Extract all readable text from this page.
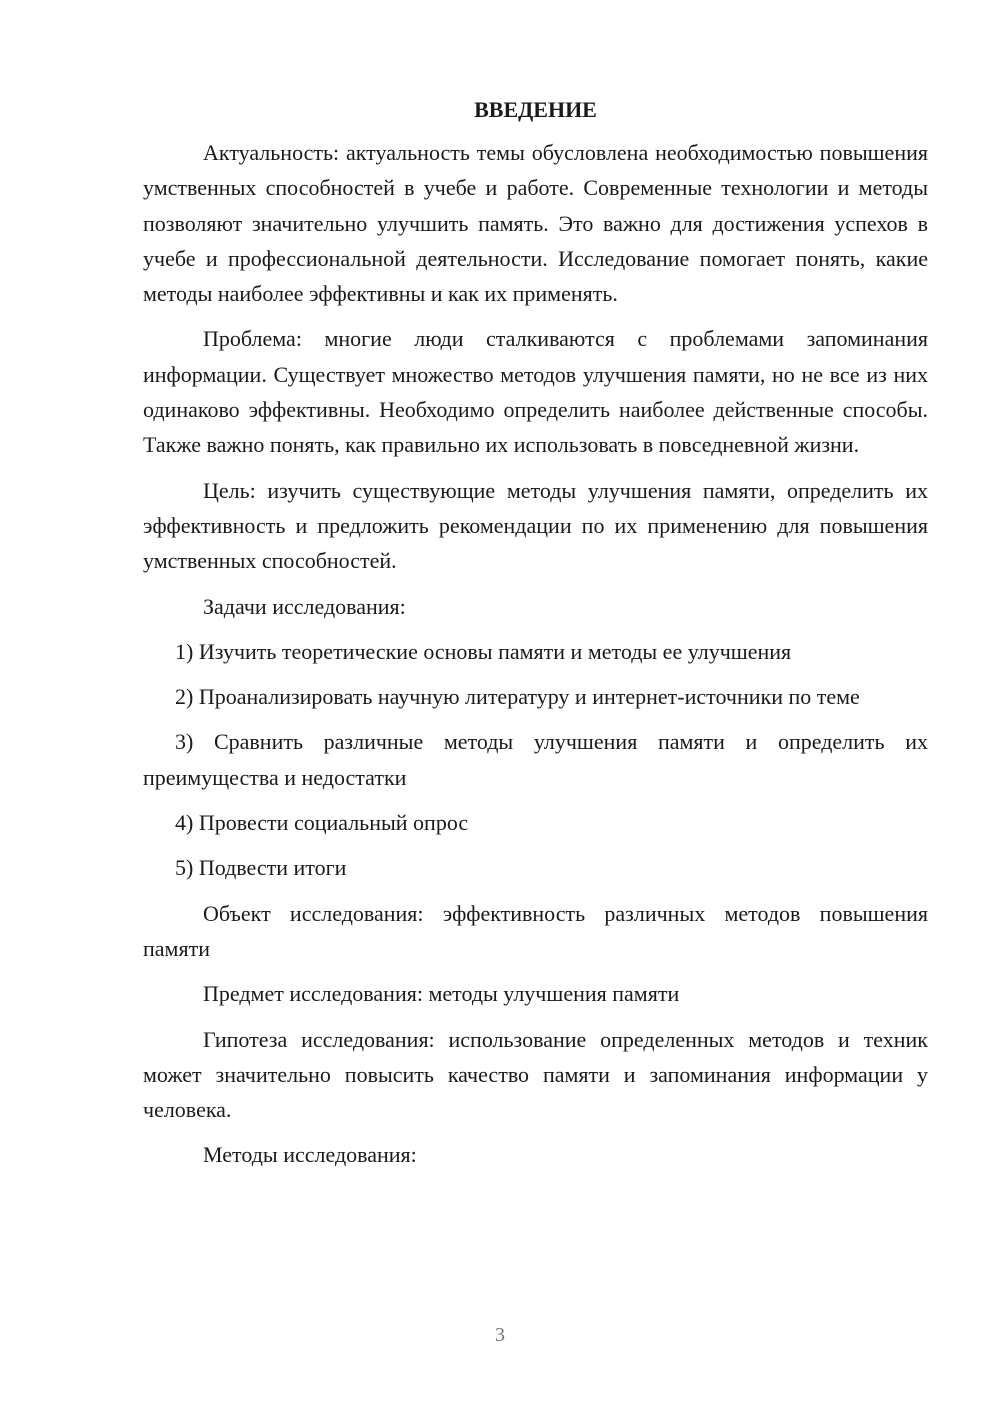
ВВЕДЕНИЕ

Актуальность: актуальность темы обусловлена необходимостью повышения умственных способностей в учебе и работе. Современные технологии и методы позволяют значительно улучшить память. Это важно для достижения успехов в учебе и профессиональной деятельности. Исследование помогает понять, какие методы наиболее эффективны и как их применять.

Проблема: многие люди сталкиваются с проблемами запоминания информации. Существует множество методов улучшения памяти, но не все из них одинаково эффективны. Необходимо определить наиболее действенные способы. Также важно понять, как правильно их использовать в повседневной жизни.

Цель: изучить существующие методы улучшения памяти, определить их эффективность и предложить рекомендации по их применению для повышения умственных способностей.

Задачи исследования:

1) Изучить теоретические основы памяти и методы ее улучшения

2) Проанализировать научную литературу и интернет-источники по теме

3) Сравнить различные методы улучшения памяти и определить их преимущества и недостатки

4) Провести социальный опрос

5) Подвести итоги

Объект исследования: эффективность различных методов повышения памяти

Предмет исследования: методы улучшения памяти

Гипотеза исследования: использование определенных методов и техник может значительно повысить качество памяти и запоминания информации у человека.

Методы исследования:

3
